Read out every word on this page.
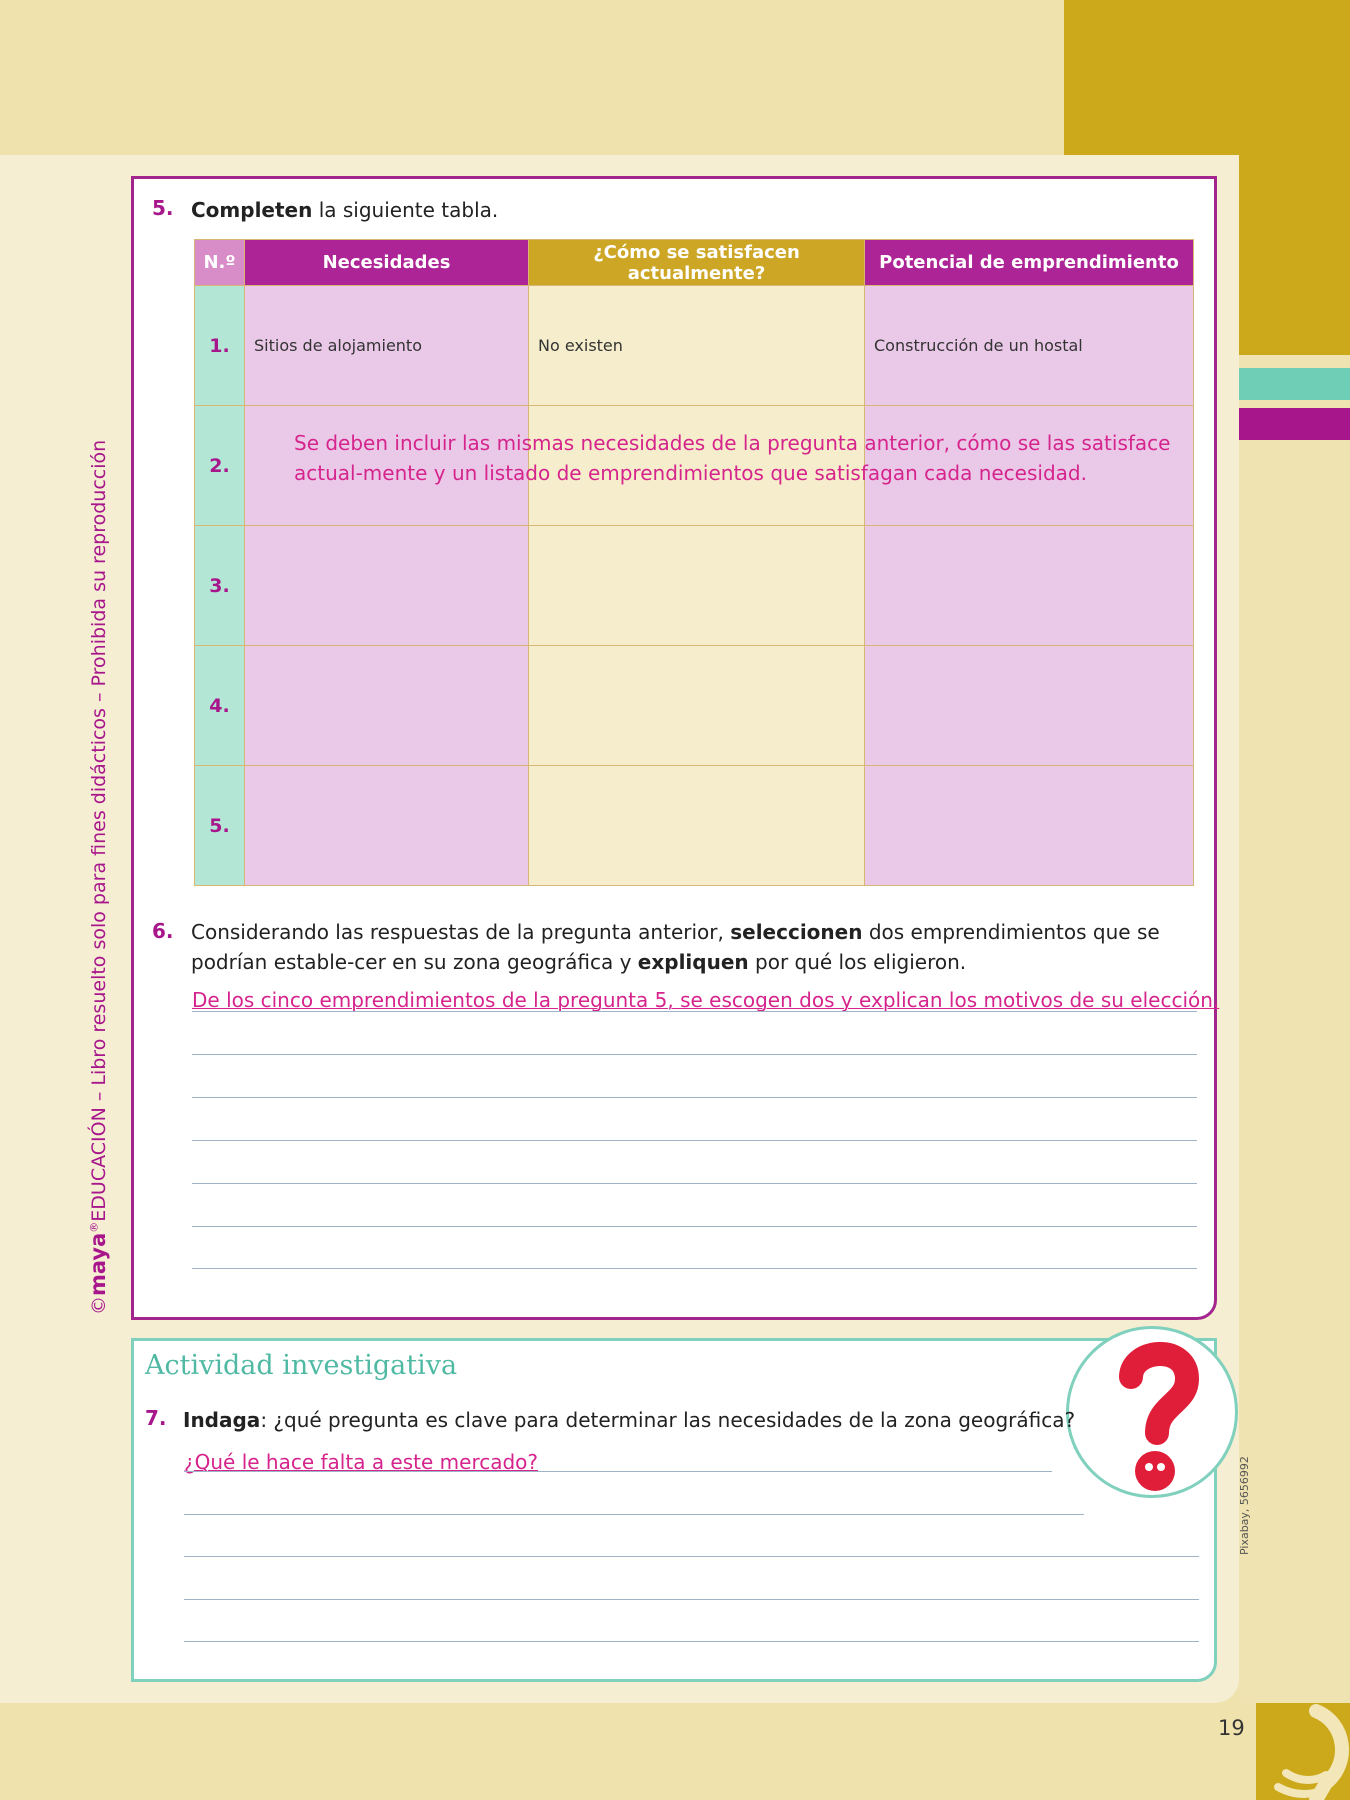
19
©maya®EDUCACIÓN – Libro resuelto solo para fines didácticos – Prohibida su reproducción
5. Completen la siguiente tabla.
N.º	Necesidades	¿Cómo se satisfacen actualmente?	Potencial de emprendimiento
1.	Sitios de alojamiento	No existen	Construcción de un hostal
2.			
3.			
4.			
5.			
Se deben incluir las mismas necesidades de la pregunta anterior, cómo se las satisface actual-mente y un listado de emprendimientos que satisfagan cada necesidad.
6. Considerando las respuestas de la pregunta anterior, seleccionen dos emprendimientos que se podrían estable-cer en su zona geográfica y expliquen por qué los eligieron.
De los cinco emprendimientos de la pregunta 5, se escogen dos y explican los motivos de su elección.
Actividad investigativa
Pixabay, 5656992
7. Indaga: ¿qué pregunta es clave para determinar las necesidades de la zona geográfica?
¿Qué le hace falta a este mercado?
